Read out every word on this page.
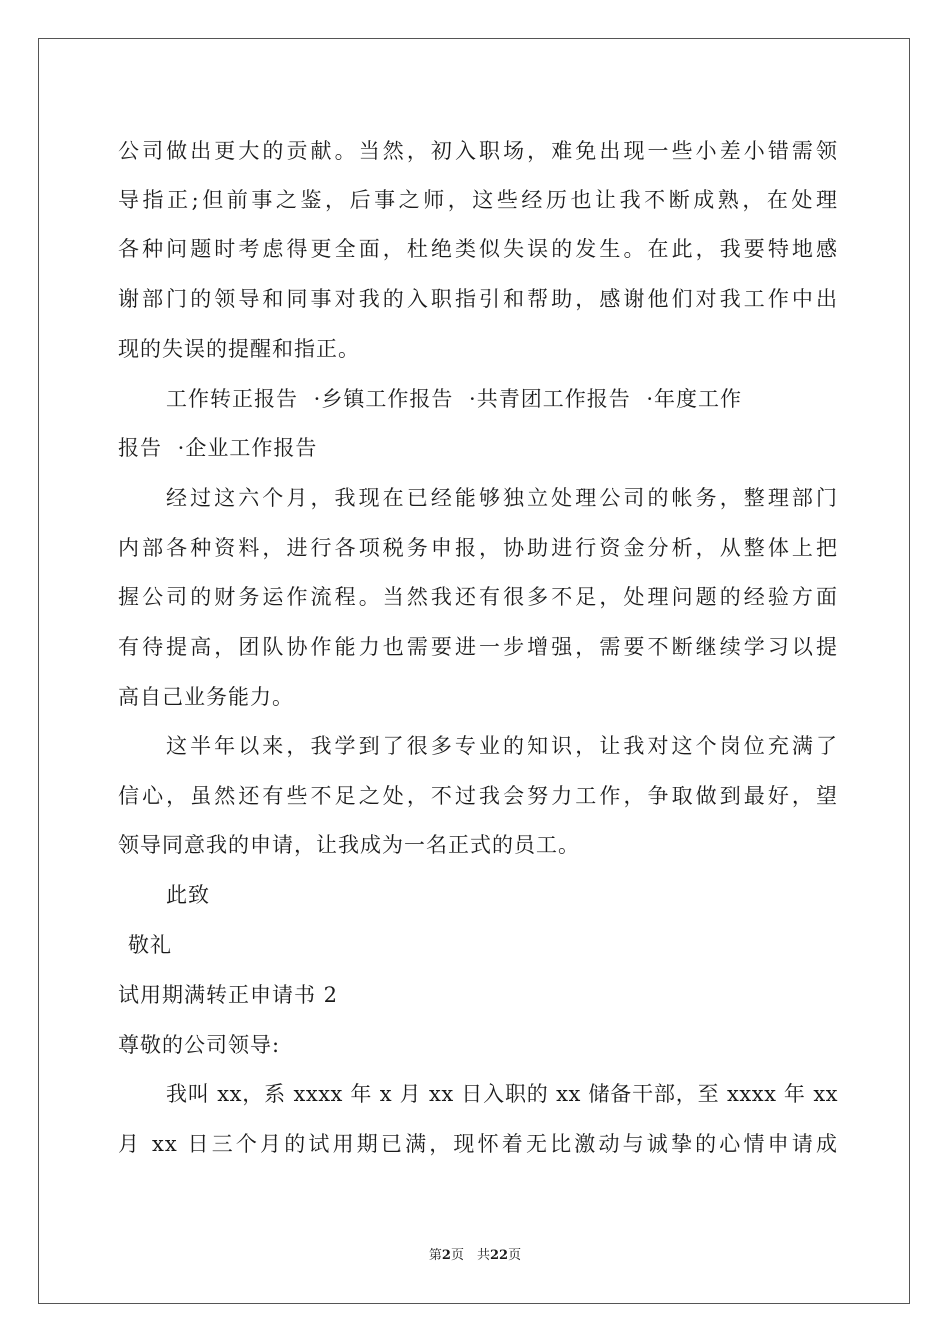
公司做出更大的贡献。当然，初入职场，难免出现一些小差小错需领
导指正;但前事之鉴，后事之师，这些经历也让我不断成熟，在处理
各种问题时考虑得更全面，杜绝类似失误的发生。在此，我要特地感
谢部门的领导和同事对我的入职指引和帮助，感谢他们对我工作中出
现的失误的提醒和指正。
工作转正报告 ·乡镇工作报告 ·共青团工作报告 ·年度工作
报告 ·企业工作报告
经过这六个月，我现在已经能够独立处理公司的帐务，整理部门
内部各种资料，进行各项税务申报，协助进行资金分析，从整体上把
握公司的财务运作流程。当然我还有很多不足，处理问题的经验方面
有待提高，团队协作能力也需要进一步增强，需要不断继续学习以提
高自己业务能力。
这半年以来，我学到了很多专业的知识，让我对这个岗位充满了
信心，虽然还有些不足之处，不过我会努力工作，争取做到最好，望
领导同意我的申请，让我成为一名正式的员工。
此致
敬礼
试用期满转正申请书 2
尊敬的公司领导:
我叫 xx，系 xxxx 年 x 月 xx 日入职的 xx 储备干部，至 xxxx 年 xx
月 xx 日三个月的试用期已满，现怀着无比激动与诚挚的心情申请成
第2页　共22页
